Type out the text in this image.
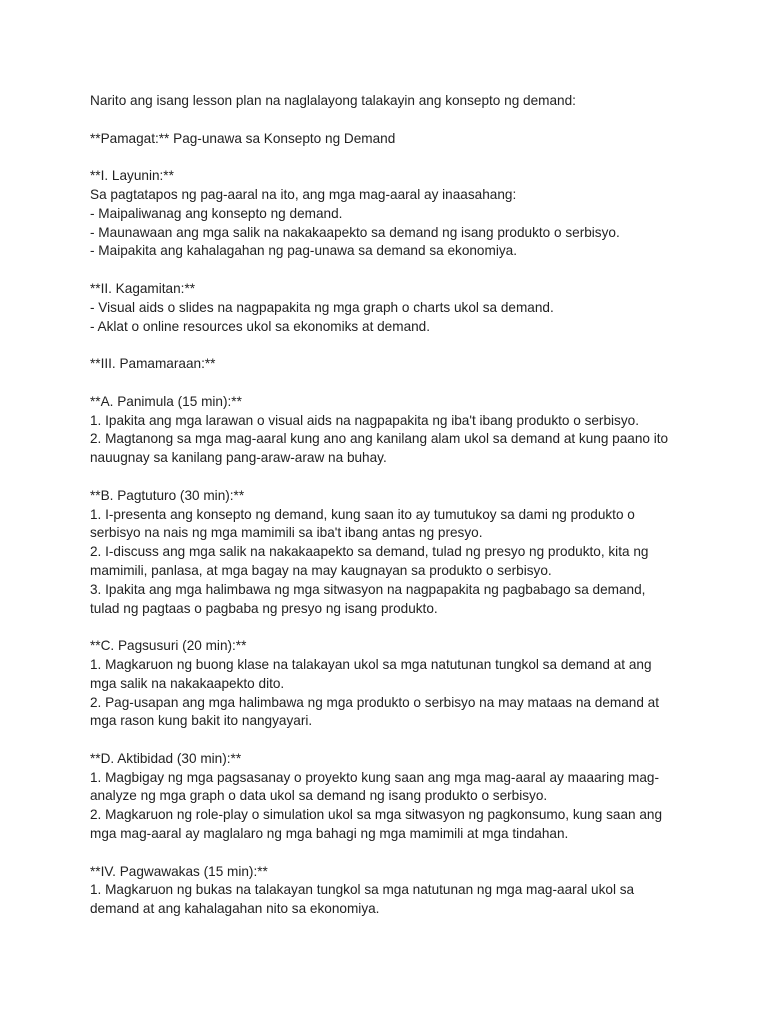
Narito ang isang lesson plan na naglalayong talakayin ang konsepto ng demand:
**Pamagat:** Pag-unawa sa Konsepto ng Demand
**I. Layunin:**
Sa pagtatapos ng pag-aaral na ito, ang mga mag-aaral ay inaasahang:
- Maipaliwanag ang konsepto ng demand.
- Maunawaan ang mga salik na nakakaapekto sa demand ng isang produkto o serbisyo.
- Maipakita ang kahalagahan ng pag-unawa sa demand sa ekonomiya.
**II. Kagamitan:**
- Visual aids o slides na nagpapakita ng mga graph o charts ukol sa demand.
- Aklat o online resources ukol sa ekonomiks at demand.
**III. Pamamaraan:**
**A. Panimula (15 min):**
1. Ipakita ang mga larawan o visual aids na nagpapakita ng iba't ibang produkto o serbisyo.
2. Magtanong sa mga mag-aaral kung ano ang kanilang alam ukol sa demand at kung paano ito
nauugnay sa kanilang pang-araw-araw na buhay.
**B. Pagtuturo (30 min):**
1. I-presenta ang konsepto ng demand, kung saan ito ay tumutukoy sa dami ng produkto o
serbisyo na nais ng mga mamimili sa iba't ibang antas ng presyo.
2. I-discuss ang mga salik na nakakaapekto sa demand, tulad ng presyo ng produkto, kita ng
mamimili, panlasa, at mga bagay na may kaugnayan sa produkto o serbisyo.
3. Ipakita ang mga halimbawa ng mga sitwasyon na nagpapakita ng pagbabago sa demand,
tulad ng pagtaas o pagbaba ng presyo ng isang produkto.
**C. Pagsusuri (20 min):**
1. Magkaruon ng buong klase na talakayan ukol sa mga natutunan tungkol sa demand at ang
mga salik na nakakaapekto dito.
2. Pag-usapan ang mga halimbawa ng mga produkto o serbisyo na may mataas na demand at
mga rason kung bakit ito nangyayari.
**D. Aktibidad (30 min):**
1. Magbigay ng mga pagsasanay o proyekto kung saan ang mga mag-aaral ay maaaring mag-
analyze ng mga graph o data ukol sa demand ng isang produkto o serbisyo.
2. Magkaruon ng role-play o simulation ukol sa mga sitwasyon ng pagkonsumo, kung saan ang
mga mag-aaral ay maglalaro ng mga bahagi ng mga mamimili at mga tindahan.
**IV. Pagwawakas (15 min):**
1. Magkaruon ng bukas na talakayan tungkol sa mga natutunan ng mga mag-aaral ukol sa
demand at ang kahalagahan nito sa ekonomiya.
